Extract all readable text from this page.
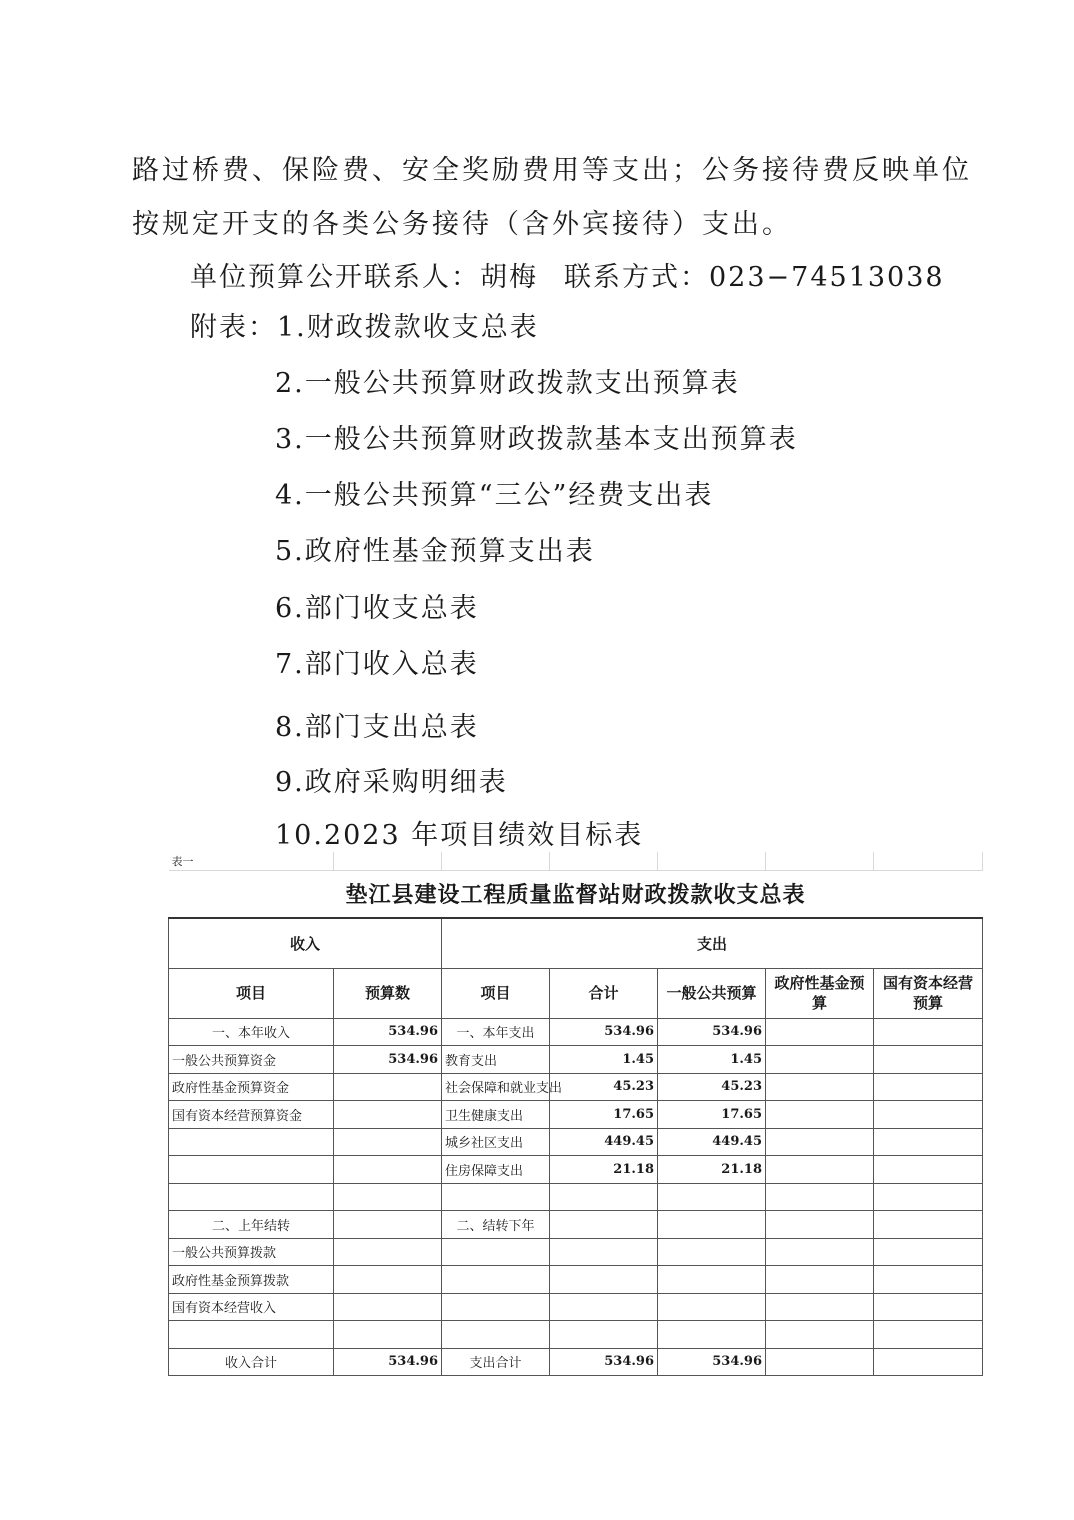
路过桥费、保险费、安全奖励费用等支出；公务接待费反映单位
按规定开支的各类公务接待（含外宾接待）支出。
单位预算公开联系人：胡梅 联系方式：023−74513038
附表：1.财政拨款收支总表
2.一般公共预算财政拨款支出预算表
3.一般公共预算财政拨款基本支出预算表
4.一般公共预算“三公”经费支出表
5.政府性基金预算支出表
6.部门收支总表
7.部门收入总表
8.部门支出总表
9.政府采购明细表
10.2023 年项目绩效目标表
表一						
垫江县建设工程质量监督站财政拨款收支总表						
收入		支出				
项目	预算数	项目	合计	一般公共预算	政府性基金预算	国有资本经营预算
一、本年收入	534.96	一、本年支出	534.96	534.96		
一般公共预算资金	534.96	教育支出	1.45	1.45		
政府性基金预算资金		社会保障和就业支出	45.23	45.23		
国有资本经营预算资金		卫生健康支出	17.65	17.65		
		城乡社区支出	449.45	449.45		
		住房保障支出	21.18	21.18		

二、上年结转		二、结转下年				
一般公共预算拨款						
政府性基金预算拨款						
国有资本经营收入						

收入合计	534.96	支出合计	534.96	534.96		
